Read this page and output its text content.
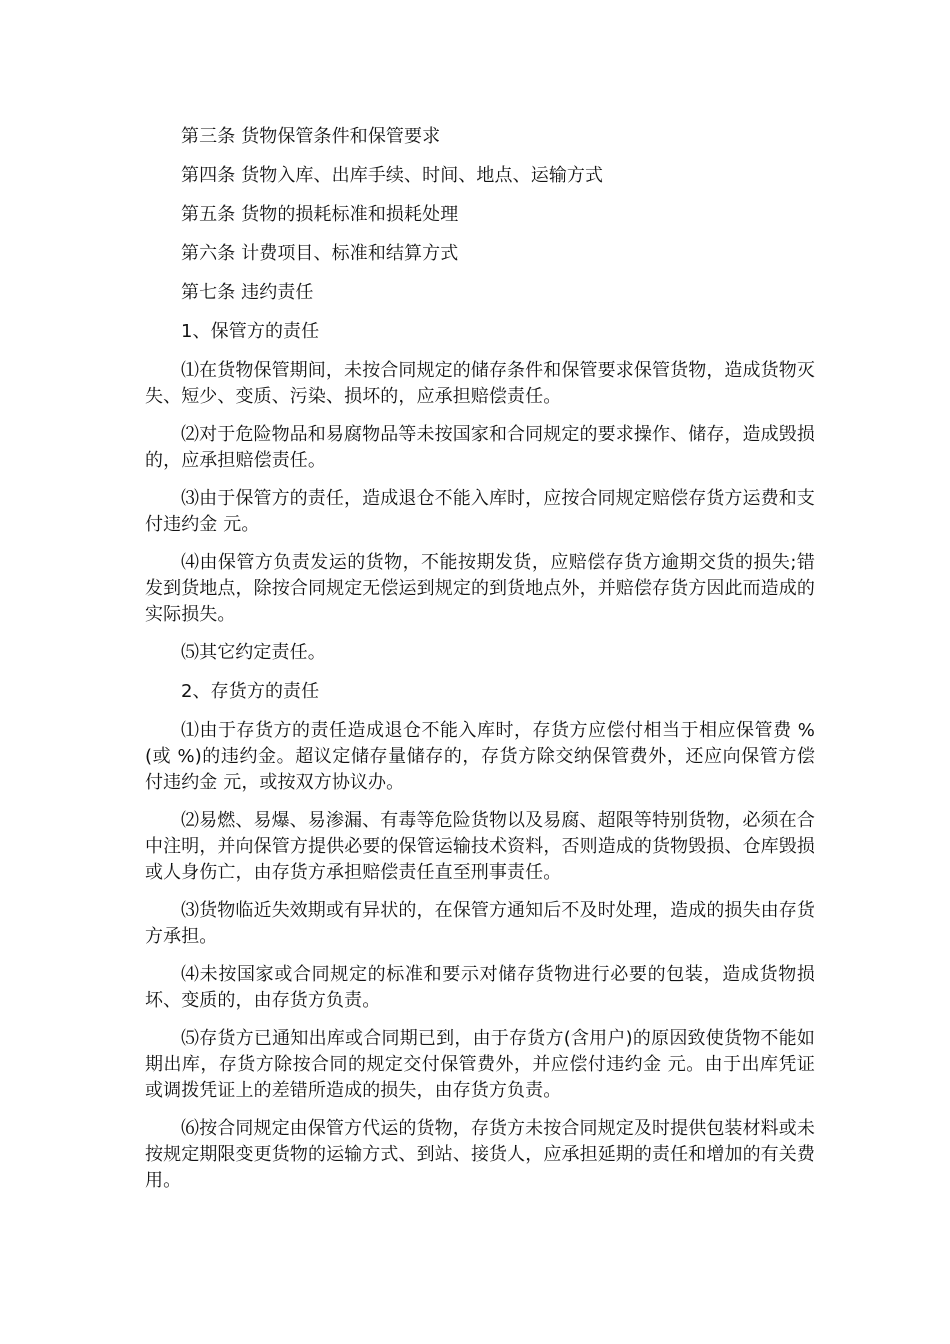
第三条 货物保管条件和保管要求

第四条 货物入库、出库手续、时间、地点、运输方式

第五条 货物的损耗标准和损耗处理

第六条 计费项目、标准和结算方式

第七条 违约责任

1、保管方的责任

⑴在货物保管期间，未按合同规定的储存条件和保管要求保管货物，造成货物灭失、短少、变质、污染、损坏的，应承担赔偿责任。

⑵对于危险物品和易腐物品等未按国家和合同规定的要求操作、储存，造成毁损的，应承担赔偿责任。

⑶由于保管方的责任，造成退仓不能入库时，应按合同规定赔偿存货方运费和支付违约金 元。

⑷由保管方负责发运的货物，不能按期发货，应赔偿存货方逾期交货的损失;错发到货地点，除按合同规定无偿运到规定的到货地点外，并赔偿存货方因此而造成的实际损失。

⑸其它约定责任。

2、存货方的责任

⑴由于存货方的责任造成退仓不能入库时，存货方应偿付相当于相应保管费 %(或 %)的违约金。超议定储存量储存的，存货方除交纳保管费外，还应向保管方偿付违约金 元，或按双方协议办。

⑵易燃、易爆、易渗漏、有毒等危险货物以及易腐、超限等特别货物，必须在合中注明，并向保管方提供必要的保管运输技术资料，否则造成的货物毁损、仓库毁损或人身伤亡，由存货方承担赔偿责任直至刑事责任。

⑶货物临近失效期或有异状的，在保管方通知后不及时处理，造成的损失由存货方承担。

⑷未按国家或合同规定的标准和要示对储存货物进行必要的包装，造成货物损坏、变质的，由存货方负责。

⑸存货方已通知出库或合同期已到，由于存货方(含用户)的原因致使货物不能如期出库，存货方除按合同的规定交付保管费外，并应偿付违约金 元。由于出库凭证或调拨凭证上的差错所造成的损失，由存货方负责。

⑹按合同规定由保管方代运的货物，存货方未按合同规定及时提供包装材料或未按规定期限变更货物的运输方式、到站、接货人，应承担延期的责任和增加的有关费用。
